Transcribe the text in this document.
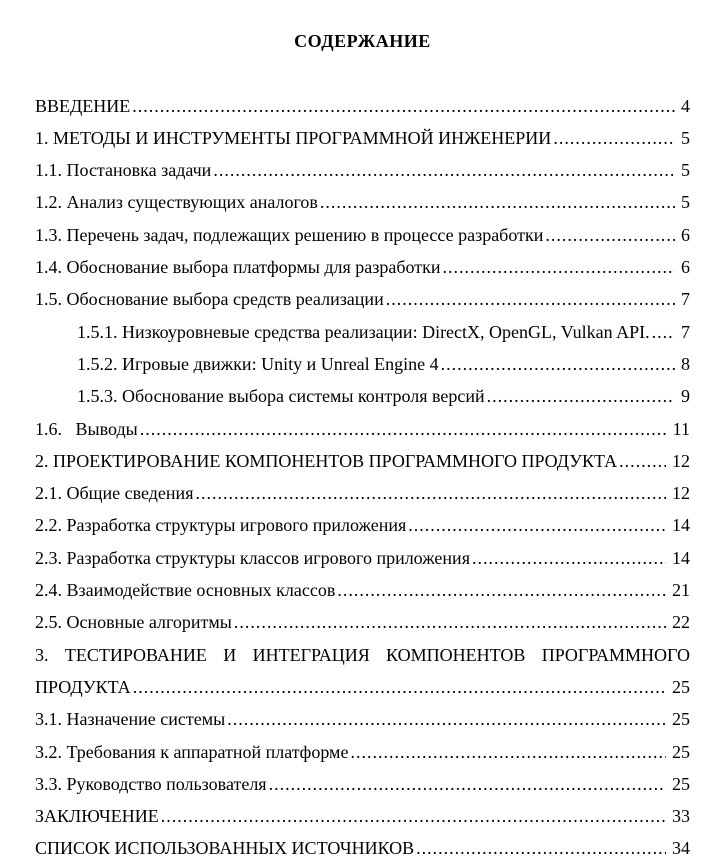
СОДЕРЖАНИЕ
ВВЕДЕНИЕ .....	4
1. МЕТОДЫ И ИНСТРУМЕНТЫ ПРОГРАММНОЙ ИНЖЕНЕРИИ .....	5
1.1. Постановка задачи .....	5
1.2. Анализ существующих аналогов .....	5
1.3. Перечень задач, подлежащих решению в процессе разработки .....	6
1.4. Обоснование выбора платформы для разработки .....	6
1.5. Обоснование выбора средств реализации .....	7
1.5.1. Низкоуровневые средства реализации: DirectX, OpenGL, Vulkan API. .....	7
1.5.2. Игровые движки: Unity и Unreal Engine 4 .....	8
1.5.3. Обоснование выбора системы контроля версий .....	9
1.6.   Выводы .....	11
2. ПРОЕКТИРОВАНИЕ КОМПОНЕНТОВ ПРОГРАММНОГО ПРОДУКТА .....	12
2.1. Общие сведения .....	12
2.2. Разработка структуры игрового приложения .....	14
2.3. Разработка структуры классов игрового приложения .....	14
2.4. Взаимодействие основных классов .....	21
2.5. Основные алгоритмы .....	22
3. ТЕСТИРОВАНИЕ И ИНТЕГРАЦИЯ КОМПОНЕНТОВ ПРОГРАММНОГО
ПРОДУКТА .....	25
3.1. Назначение системы .....	25
3.2. Требования к аппаратной платформе .....	25
3.3. Руководство пользователя .....	25
ЗАКЛЮЧЕНИЕ .....	33
СПИСОК ИСПОЛЬЗОВАННЫХ ИСТОЧНИКОВ .....	34
